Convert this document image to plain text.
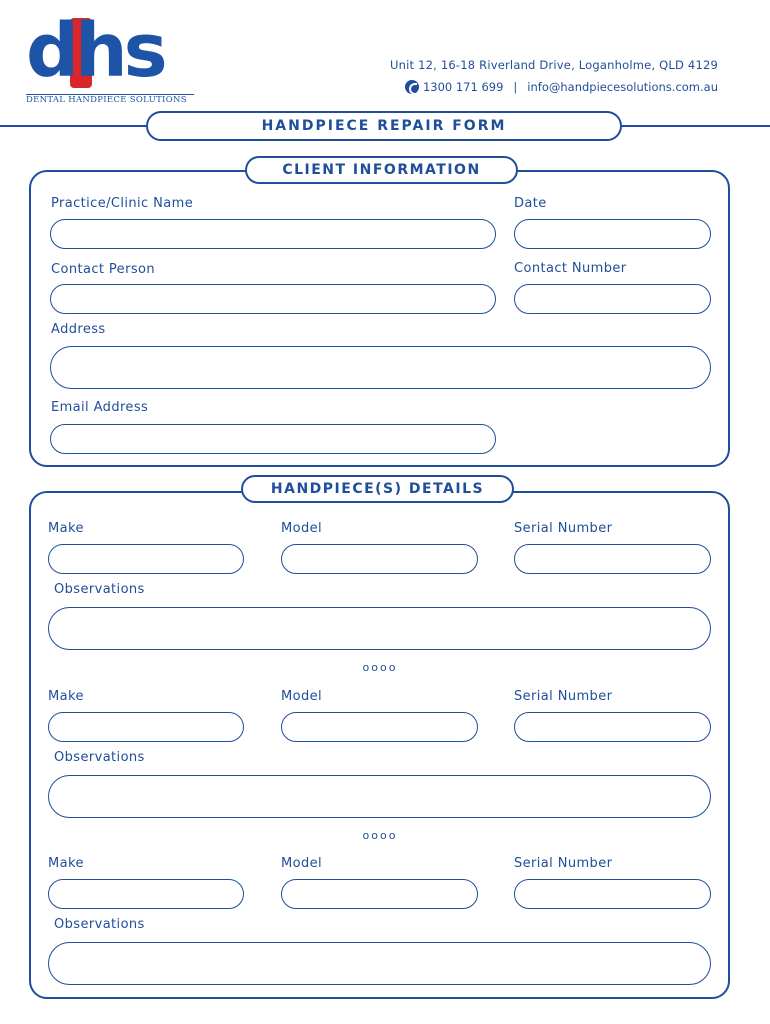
dhs
DENTAL HANDPIECE SOLUTIONS
Unit 12, 16-18 Riverland Drive, Loganholme, QLD 4129
1300 171 699 | info@handpiecesolutions.com.au
HANDPIECE REPAIR FORM
CLIENT INFORMATION
Practice/Clinic Name	Date
Contact Person	Contact Number
Address
Email Address
HANDPIECE(S) DETAILS
Make	Model	Serial Number
Observations
oooo
Make	Model	Serial Number
Observations
oooo
Make	Model	Serial Number
Observations
